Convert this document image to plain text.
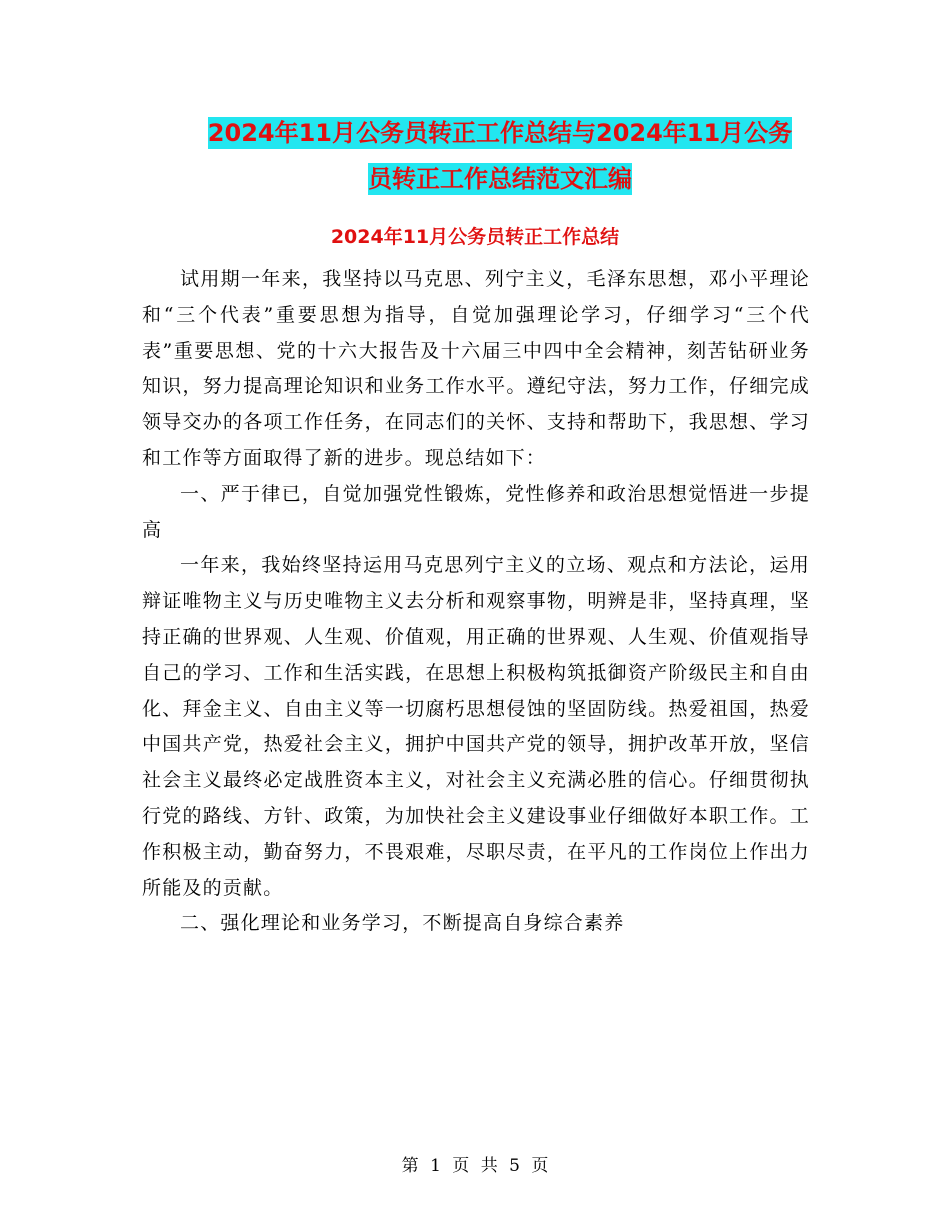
2024年11月公务员转正工作总结与2024年11月公务
员转正工作总结范文汇编
2024年11月公务员转正工作总结

试用期一年来，我坚持以马克思、列宁主义，毛泽东思想，邓小平理论和“三个代表”重要思想为指导，自觉加强理论学习，仔细学习“三个代表”重要思想、党的十六大报告及十六届三中四中全会精神，刻苦钻研业务知识，努力提高理论知识和业务工作水平。遵纪守法，努力工作，仔细完成领导交办的各项工作任务，在同志们的关怀、支持和帮助下，我思想、学习和工作等方面取得了新的进步。现总结如下：

一、严于律已，自觉加强党性锻炼，党性修养和政治思想觉悟进一步提高

一年来，我始终坚持运用马克思列宁主义的立场、观点和方法论，运用辩证唯物主义与历史唯物主义去分析和观察事物，明辨是非，坚持真理，坚持正确的世界观、人生观、价值观，用正确的世界观、人生观、价值观指导自己的学习、工作和生活实践，在思想上积极构筑抵御资产阶级民主和自由化、拜金主义、自由主义等一切腐朽思想侵蚀的坚固防线。热爱祖国，热爱中国共产党，热爱社会主义，拥护中国共产党的领导，拥护改革开放，坚信社会主义最终必定战胜资本主义，对社会主义充满必胜的信心。仔细贯彻执行党的路线、方针、政策，为加快社会主义建设事业仔细做好本职工作。工作积极主动，勤奋努力，不畏艰难，尽职尽责，在平凡的工作岗位上作出力所能及的贡献。

二、强化理论和业务学习，不断提高自身综合素养

第 1 页 共 5 页
